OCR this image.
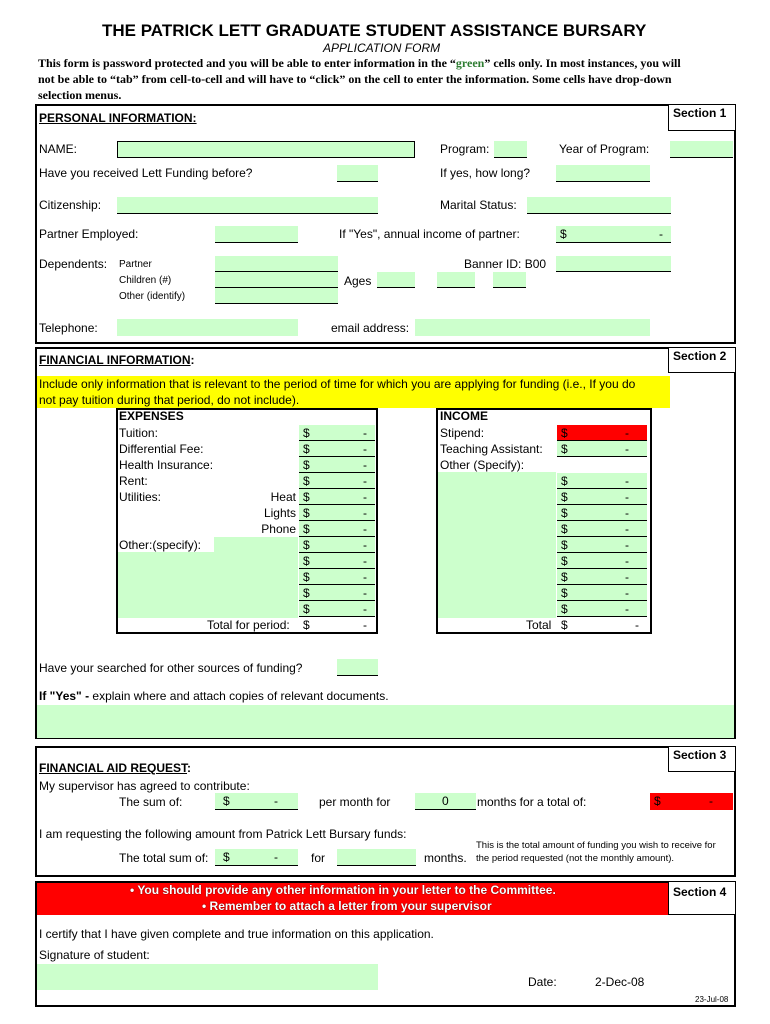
THE PATRICK LETT GRADUATE STUDENT ASSISTANCE BURSARY
APPLICATION FORM
This form is password protected and you will be able to enter information in the “green” cells only. In most instances, you will
not be able to “tab” from cell-to-cell and will have to “click” on the cell to enter the information. Some cells have drop-down
selection menus.
Section 1
PERSONAL INFORMATION:
NAME:	Program:	Year of Program:
Have you received Lett Funding before?	If yes, how long?
Citizenship:	Marital Status:
Partner Employed:	If "Yes", annual income of partner:	$	-
Dependents: Partner
Children (#)
Other (identify)
Ages
Banner ID: B00
Telephone:	email address:
Section 2
FINANCIAL INFORMATION:
Include only information that is relevant to the period of time for which you are applying for funding (i.e., If you do
not pay tuition during that period, do not include).
EXPENSES
Tuition:	$	-
Differential Fee:	$	-
Health Insurance:	$	-
Rent:	$	-
Utilities:	Heat $	-
Lights $	-
Phone $	-
Other:(specify):	$	-
$	-
$	-
$	-
$	-
Total for period: $	-
INCOME
Stipend:	$	-
Teaching Assistant: $	-
Other (Specify):
$	-
$	-
$	-
$	-
$	-
$	-
$	-
$	-
$	-
Total $	-
Have your searched for other sources of funding?
If "Yes" - explain where and attach copies of relevant documents.
Section 3
FINANCIAL AID REQUEST:
My supervisor has agreed to contribute:
The sum of:	$	-	per month for	0 months for a total of:	$	-
I am requesting the following amount from Patrick Lett Bursary funds:
The total sum of: $	-	for	months.
This is the total amount of funding you wish to receive for
the period requested (not the monthly amount).
• You should provide any other information in your letter to the Committee.
• Remember to attach a letter from your supervisor
Section 4
I certify that I have given complete and true information on this application.
Signature of student:
Date:	2-Dec-08
23-Jul-08
